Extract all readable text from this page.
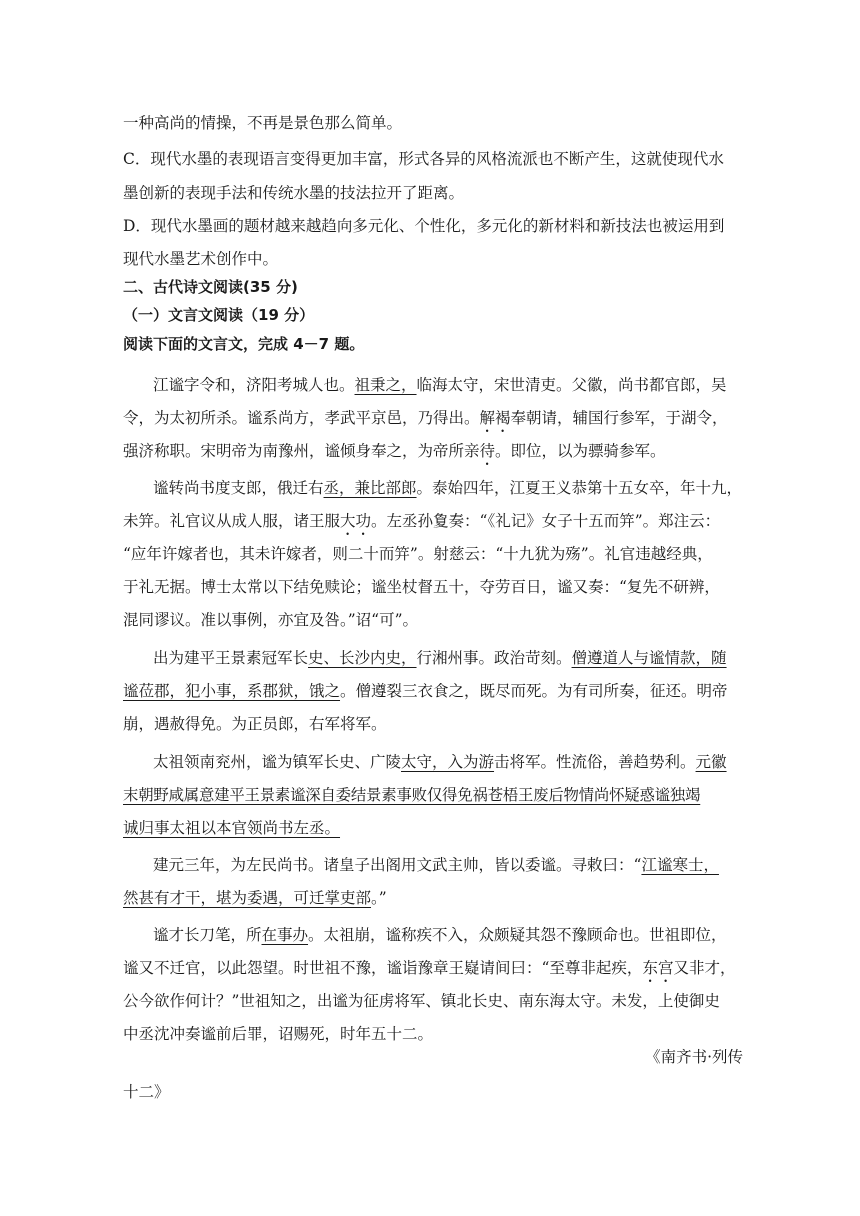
一种高尚的情操，不再是景色那么简单。
C．现代水墨的表现语言变得更加丰富，形式各异的风格流派也不断产生，这就使现代水
墨创新的表现手法和传统水墨的技法拉开了距离。
D．现代水墨画的题材越来越趋向多元化、个性化，多元化的新材料和新技法也被运用到
现代水墨艺术创作中。
二、古代诗文阅读(35 分)
（一）文言文阅读（19 分）
阅读下面的文言文，完成 4－7 题。
江谧字令和，济阳考城人也。祖秉之，临海太守，宋世清吏。父徽，尚书都官郎，吴
令，为太初所杀。谧系尚方，孝武平京邑，乃得出。解褐奉朝请，辅国行参军，于湖令，
强济称职。宋明帝为南豫州，谧倾身奉之，为帝所亲待。即位，以为骠骑参军。
谧转尚书度支郎，俄迁右丞，兼比部郎。泰始四年，江夏王义恭第十五女卒，年十九，
未笄。礼官议从成人服，诸王服大功。左丞孙夐奏：“《礼记》女子十五而笄”。郑注云：
“应年许嫁者也，其未许嫁者，则二十而笄”。射慈云：“十九犹为殇”。礼官违越经典，
于礼无据。博士太常以下结免赎论；谧坐杖督五十，夺劳百日，谧又奏：“复先不研辨，
混同谬议。准以事例，亦宜及咎。”诏“可”。
出为建平王景素冠军长史、长沙内史，行湘州事。政治苛刻。僧遵道人与谧情款，随
谧莅郡，犯小事，系郡狱，饿之。僧遵裂三衣食之，既尽而死。为有司所奏，征还。明帝
崩，遇赦得免。为正员郎，右军将军。
太祖领南兖州，谧为镇军长史、广陵太守，入为游击将军。性流俗，善趋势利。元徽
末朝野咸属意建平王景素谧深自委结景素事败仅得免祸苍梧王废后物情尚怀疑惑谧独竭
诚归事太祖以本官领尚书左丞。
建元三年，为左民尚书。诸皇子出阁用文武主帅，皆以委谧。寻敕曰：“江谧寒士，
然甚有才干，堪为委遇，可迁掌吏部。”
谧才长刀笔，所在事办。太祖崩，谧称疾不入，众颇疑其怨不豫顾命也。世祖即位，
谧又不迁官，以此怨望。时世祖不豫，谧诣豫章王嶷请间曰：“至尊非起疾，东宫又非才，
公今欲作何计？”世祖知之，出谧为征虏将军、镇北长史、南东海太守。未发，上使御史
中丞沈冲奏谧前后罪，诏赐死，时年五十二。
《南齐书·列传
十二》
